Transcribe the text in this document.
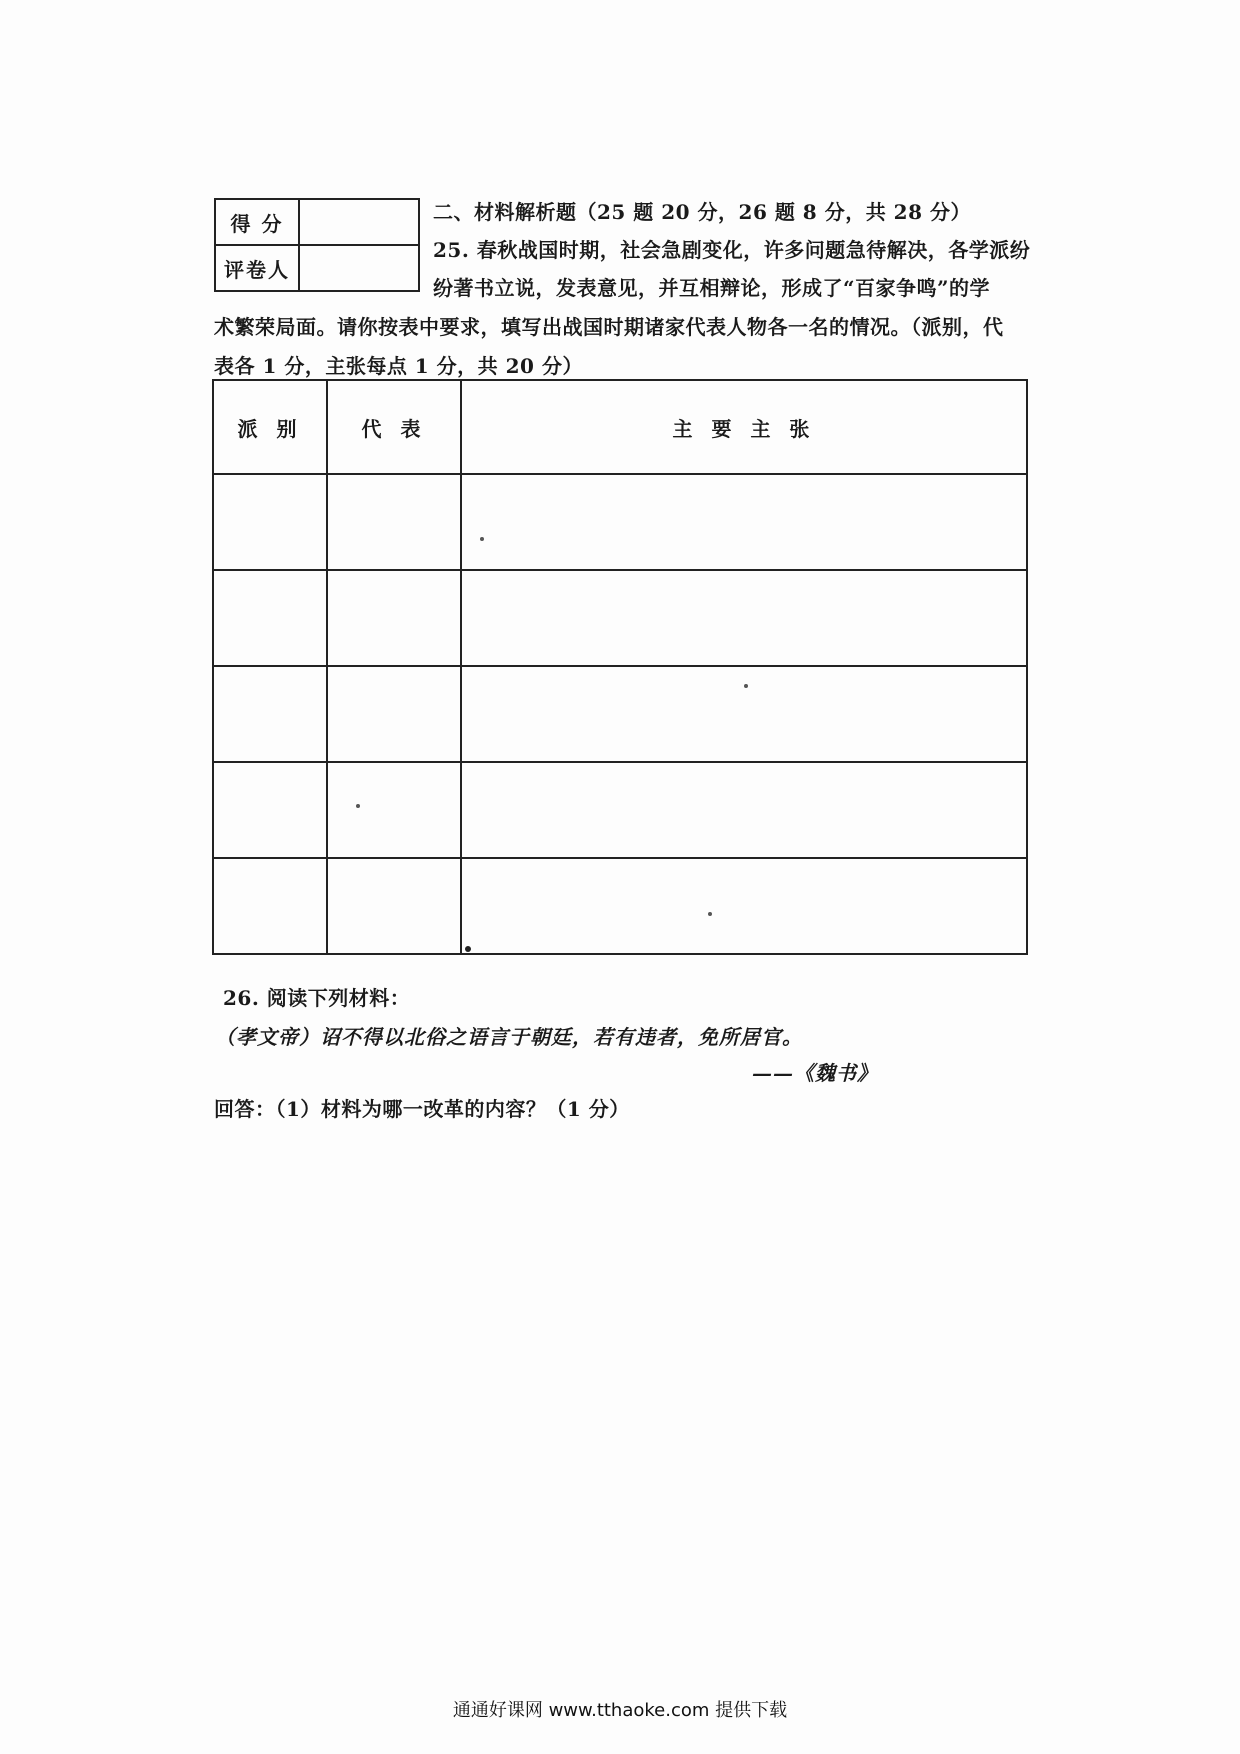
得 分	
评卷人	
二、材料解析题（25 题 20 分，26 题 8 分，共 28 分）
25. 春秋战国时期，社会急剧变化，许多问题急待解决，各学派纷
纷著书立说，发表意见，并互相辩论，形成了“百家争鸣”的学
术繁荣局面。请你按表中要求，填写出战国时期诸家代表人物各一名的情况。（派别，代
表各 1 分，主张每点 1 分，共 20 分）
派 别	代 表	主 要 主 张

26. 阅读下列材料：
（孝文帝）诏不得以北俗之语言于朝廷，若有违者，免所居官。
——《魏书》
回答：（1）材料为哪一改革的内容？（1 分）
通通好课网 www.tthaoke.com 提供下载
